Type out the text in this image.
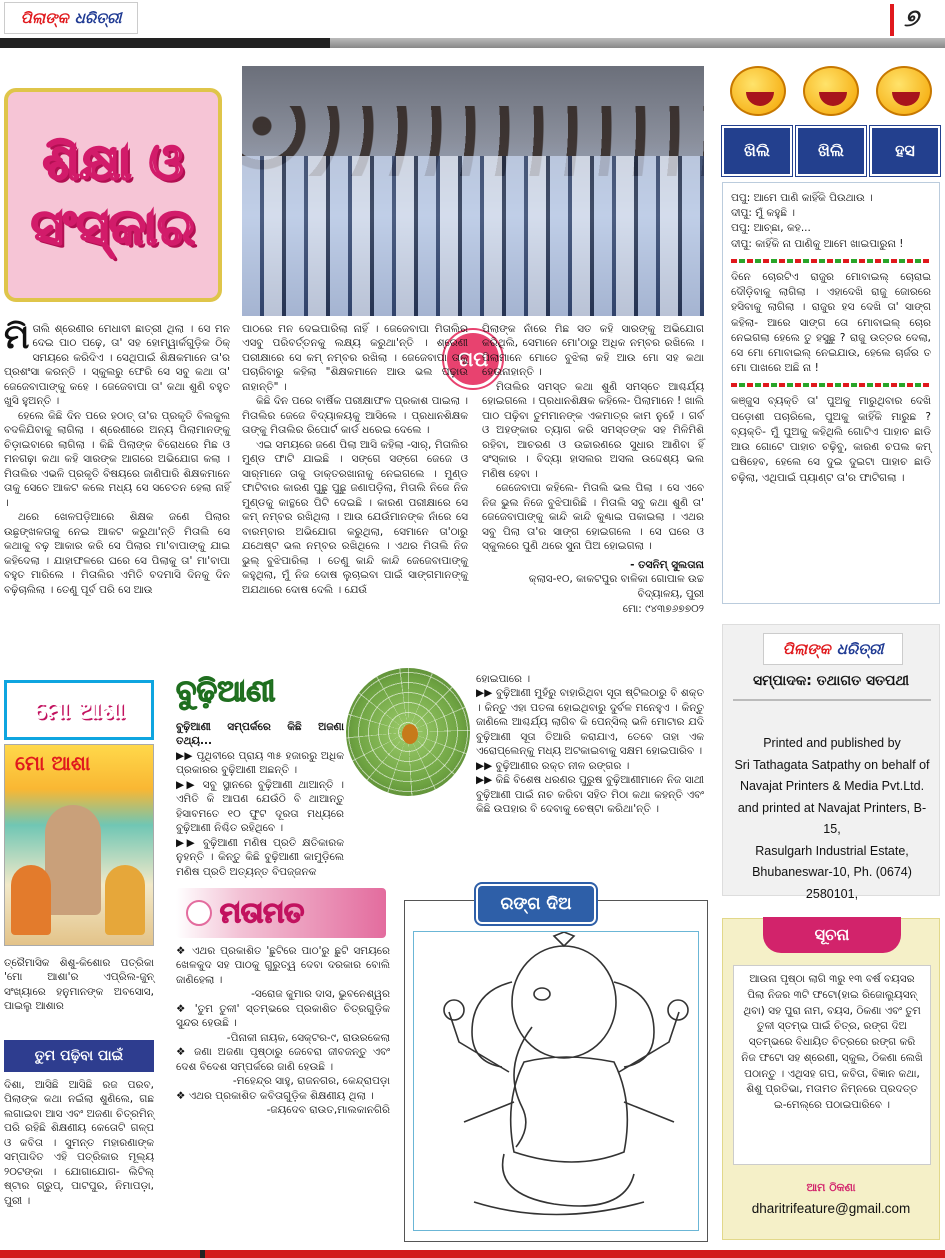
ପିଲାଙ୍କ ଧରିତ୍ରୀ	୭
ଶିକ୍ଷା ଓ ସଂସ୍କାର
ଗପ

ମିତାଲି ଶ୍ରେଣୀର ମେଧାବୀ ଛାତ୍ରୀ ଥିଲା । ସେ ମନ ଦେଇ ପାଠ ପଢ଼େ, ତା' ସହ ହୋମ୍‌ୱାର୍କଗୁଡ଼ିକ ଠିକ୍ ସମୟରେ କରିଦିଏ । ସେଥିପାଇଁ ଶିକ୍ଷକମାନେ ତା'ର ପ୍ରଶଂସା କରନ୍ତି । ସ୍କୁଲରୁ ଫେରି ସେ ସବୁ କଥା ତା' ଜେଜେବାପାଙ୍କୁ କହେ । ଜେଜେବାପା ତା' କଥା ଶୁଣି ବହୁତ ଖୁସି ହୁଅନ୍ତି ।

ହେଲେ କିଛି ଦିନ ପରେ ହଠାତ୍ ତା'ର ପ୍ରକୃତି ବିଲକୁଲ ବଦଳିଯିବାକୁ ଲାଗିଲା । ଶ୍ରେଣୀରେ ଅନ୍ୟ ପିଲାମାନଙ୍କୁ ଚିଡ଼ାଇବାରେ ଲାଗିଲା । କିଛି ପିଲାଙ୍କ ବିରୋଧରେ ମିଛ ଓ ମନଗଢ଼ା କଥା କହି ସାରଙ୍କ ଆଗରେ ଅଭିଯୋଗ କଲା । ମିତାଲିର ଏଭଳି ପ୍ରକୃତି ବିଷୟରେ ଜାଣିପାରି ଶିକ୍ଷକମାନେ ତାକୁ ସେତେ ଆକଟ କଲେ ମଧ୍ୟ ସେ ସଚେତନ ହେଲା ନାହିଁ ।

ଥରେ ଖେଳପଡ଼ିଆରେ ଶିକ୍ଷକ ଜଣେ ପିଲାର ଉଛୃଙ୍ଖଳତାକୁ ନେଇ ଆକଟ କରୁଥା'ନ୍ତି ମିତାଲି ସେ କଥାକୁ ବଢ଼ ଆକାର କରି ସେ ପିଲାର ମା'ବାପାଙ୍କୁ ଯାଇ କହିଦେଲା । ଯାହାଫଳରେ ଘରେ ସେ ପିଲାକୁ ତା' ମା'ବାପା ବହୁତ ମାରିଲେ । ମିତାଲିର ଏମିତି ବଦମାସି ଦିନକୁ ଦିନ ବଢ଼ିଚାଲିଲା । ତେଣୁ ପୂର୍ବ ପରି ସେ ଆଉ

ପାଠରେ ମନ ଦେଇପାରିଲା ନାହିଁ । ଜେଜେବାପା ମିତାଲିର ଏସବୁ ପରିବର୍ତ୍ତନକୁ ଲକ୍ଷ୍ୟ କରୁଥା'ନ୍ତି । ଶ୍ରେଣୀ ପରୀକ୍ଷାରେ ସେ କମ୍ ନମ୍ବର ରଖିଲା । ଜେଜେବାପା ତାକୁ ପଚାରିବାରୁ କହିଲା "ଶିକ୍ଷକମାନେ ଆଉ ଭଲ ପଢ଼ାଉ ନାହାନ୍ତି" ।

କିଛି ଦିନ ପରେ ବାର୍ଷିକ ପରୀକ୍ଷାଫଳ ପ୍ରକାଶ ପାଇଲା । ମିତାଲିର ଜେଜେ ବିଦ୍ୟାଳୟକୁ ଆସିଲେ । ପ୍ରଧାନଶିକ୍ଷକ ତାଙ୍କୁ ମିତାଲିର ରିପୋର୍ଟ କାର୍ଡ ଧରେଇ ଦେଲେ ।

ଏଇ ସମୟରେ ଜଣେ ପିଲା ଆସି କହିଲା -ସାର୍, ମିତାଲିର ମୁଣ୍ଡ ଫାଟି ଯାଇଛି । ସଙ୍ଗେ ସଙ୍ଗେ ଜେଜେ ଓ ସାର୍‌ମାନେ ତାକୁ ଡାକ୍ତରଖାନାକୁ ନେଇଗଲେ । ମୁଣ୍ଡ ଫାଟିବାର କାରଣ ପୁଛୁ ପୁଛୁ ଜଣାପଡ଼ିଲା, ମିତାଲି ନିଜେ ନିଜ ମୁଣ୍ଡକୁ କାନ୍ଥରେ ପିଟି ଦେଇଛି । କାରଣ ପରୀକ୍ଷାରେ ସେ କମ୍ ନମ୍ବର ରଖିଥିଲା । ଆଉ ଯେଉଁମାନଙ୍କ ନାଁରେ ସେ ବାରମ୍ବାର ଅଭିଯୋଗ କରୁଥିଲା, ସେମାନେ ତା'ଠାରୁ ଯଥେଷ୍ଟ ଭଲ ନମ୍ବର ରଖିଥିଲେ । ଏଥର ମିତାଲି ନିଜ ଭୁଲ୍ ବୁଝିପାରିଲା । ତେଣୁ କାନ୍ଦି କାନ୍ଦି ଜେଜେବାପାଙ୍କୁ କହୁଥିଲା, ମୁଁ ନିଜ ଦୋଷ ଲୁଚାଇବା ପାଇଁ ସାଙ୍ଗମାନଙ୍କୁ ଅଯଥାରେ ଦୋଷ ଦେଲି । ଯେଉଁ

ପିଲାଙ୍କ ନାଁରେ ମିଛ ସତ କହି ସାରଙ୍କୁ ଅଭିଯୋଗ କରିଥିଲି, ସେମାନେ ମୋ'ଠାରୁ ଅଧିକ ନମ୍ବର ରଖିଲେ । ପିଲାମାନେ ମୋତେ ବୁଝିଲା କହି ଆଉ ମୋ ସହ କଥା ହେଉନାହାନ୍ତି ।

ମିତାଲିର ସମସ୍ତ କଥା ଶୁଣି ସମସ୍ତେ ଆଶ୍ଚର୍ଯ୍ୟ ହୋଇଗଲେ । ପ୍ରଧାନଶିକ୍ଷକ କହିଲେ- ପିଲାମାନେ ! ଖାଲି ପାଠ ପଢ଼ିବା ତୁମମାନଙ୍କ ଏକମାତ୍ର କାମ ନୁହେଁ । ଗର୍ବ ଓ ଅହଙ୍କାର ତ୍ୟାଗ କରି ସମସ୍ତଙ୍କ ସହ ମିଳିମିଶି ରହିବା, ଆଚରଣ ଓ ଉଚ୍ଚାରଣରେ ସୁଧାର ଆଣିବା ହିଁ ସଂସ୍କାର । ବିଦ୍ୟା ହାସଲର ଅସଲ ଉଦ୍ଦେଶ୍ୟ ଭଲ ମଣିଷ ହେବା ।

ଜେଜେବାପା କହିଲେ- ମିତାଲି ଭଲ ପିଲା । ସେ ଏବେ ନିଜ ଭୁଲ ନିଜେ ବୁଝିପାରିଛି । ମିତାଲି ସବୁ କଥା ଶୁଣି ତା' ଜେଜେବାପାଙ୍କୁ କାନ୍ଦି କାନ୍ଦି କୁଣ୍ଢାଇ ପକାଇଲା । ଏଥର ସବୁ ପିଲା ତା'ର ସାଙ୍ଗ ହୋଇଗଲେ । ସେ ଘରେ ଓ ସ୍କୁଲରେ ପୁଣି ଥରେ ସୁନା ପିଅ ହୋଇଗଲା ।

- ତସନିମ୍ ସୁଲତାନା
କ୍ଲାସ-୧୦, କାକଟପୁର ବାଳିକା ଗୋପାଳ ଉଚ୍ଚ ବିଦ୍ୟାଳୟ, ପୁରୀ
ମୋ: ୯୪୩୭୬୭୭୦୨
ଖିଲି	ଖିଲି	ହସ

ପପୁ: ଆମେ ପାଣି କାହିଁକି ପିଉଥାଉ ।

ଦୀପୁ: ମୁଁ କହୁଛି ।

ପପୁ: ଆଚ୍ଛା, କହ...

ଦୀପୁ: କାହିଁକି ନା ପାଣିକୁ ଆମେ ଖାଇପାରୁନା !

ଦିନେ ଚୋରଟିଏ ରାଜୁର ମୋବାଇଲ୍ ଚୋରାଇ ଦୌଡ଼ିବାକୁ ଲାଗିଲା । ଏହାଦେଖି ରାଜୁ ଜୋରରେ ହସିବାକୁ ଲାଗିଲା । ରାଜୁର ହସ ଦେଖି ତା' ସାଙ୍ଗ କହିଲା- ଆରେ ସାଙ୍ଗ ତୋ ମୋବାଇଲ୍ ଚୋର ନେଇଗଲା ହେଲେ ତୁ ହସୁଛୁ ? ରାଜୁ ଉତ୍ତର ଦେଲା, ସେ ମୋ ମୋବାଇଲ୍ ନେଇଯାଉ, ହେଲେ ଚାର୍ଜର ତ ମୋ ପାଖରେ ଅଛି ନା !

କଞ୍ଜୁସ ବ୍ୟକ୍ତି ତା' ପୁଅକୁ ମାରୁଥିବାର ଦେଖି ପଡ଼ୋଶୀ ପଚାରିଲେ, ପୁଅକୁ କାହିଁକି ମାରୁଛ ? ବ୍ୟକ୍ତି- ମୁଁ ପୁଅକୁ କହିଥିଲି ଗୋଟିଏ ପାହାଚ ଛାଡି ଆଉ ଗୋଟେ ପାହାଚ ଚଢ଼ିବୁ, କାରଣ ଚପଲ କମ୍ ଘଷିହେବ, ହେଲେ ସେ ଦୁଇ ଦୁଇଟା ପାହାଚ ଛାଡି ଚଢ଼ିଲା, ଏଥିପାଇଁ ପ୍ୟାଣ୍ଟ ତା'ର ଫାଟିଗଲା ।

ପିଲାଙ୍କ ଧରିତ୍ରୀ
ସମ୍ପାଦକ: ତଥାଗତ ସତପଥୀ
Printed and published by
Sri Tathagata Satpathy on behalf of
Navajat Printers & Media Pvt.Ltd.
and printed at Navajat Printers, B-15,
Rasulgarh Industrial Estate,
Bhubaneswar-10, Ph. (0674) 2580101,
ସୂଚନା
ଆଉନା ପୃଷ୍ଠା ଲାଗି ୩ରୁ ୧୩ ବର୍ଷ ବୟସର ପିଲା ନିଜର ୩ଟି ଫଟୋ(ହାଇ ରିଜୋଲ୍ୟୁସନ୍ ଥିବା) ସହ ପୁରା ନାମ, ବୟସ, ଠିକଣା ଏବଂ ତୁମ ତୁଳୀ ସ୍ତମ୍ଭ ପାଇଁ ଚିତ୍ର, ରଙ୍ଗ ଦିଅ ସ୍ତମ୍ଭରେ ବିଧାୟିତ ଚିତ୍ରରେ ରଙ୍ଗ କରି ନିଜ ଫଟୋ ସହ ଶ୍ରେଣୀ, ସ୍କୁଲ, ଠିକଣା ଲେଖି ପଠାନ୍ତୁ । ଏଥିସହ ଗପ, କବିତା, ବିଜ୍ଞାନ କଥା, ଶିଶୁ ପ୍ରତିଭା, ମତାମତ ନିମ୍ନରେ ପ୍ରଦତ୍ତ ଇ-ମେଲ୍‌ରେ ପଠାଇପାରିବେ ।
ଆମ ଠିକଣା
dharitrifeature@gmail.com
ମୋ ଆଶା
ମୋ ଆଶା

ତ୍ରୈମାସିକ ଶିଶୁ-କିଶୋର ପତ୍ରିକା 'ମୋ ଆଶା'ର ଏପ୍ରିଲ-ଜୁନ୍ ସଂଖ୍ୟାରେ ହନୁମାନଙ୍କ ଅବସୋସ, ପାଇଲୁ ଆଶାର

ତୁମ ପଢ଼ିବା ପାଇଁ

ଦିଶା, ଆସିଛି ଆସିଛି ରଜ ପରବ, ପିଲାଙ୍କ କଥା ନଇଁଲା ଶୁଣିଲେ, ଗଛ ଲଗାଇବା ଆସ ଏବଂ ଅଜଣା ଚିତ୍ରମିନ୍ ପରି ରହିଛି ଶିକ୍ଷଣୀୟ କେତୋଟି ଗଳ୍ପ ଓ କବିତା । ସୁମନ୍ତ ମହାରଣାଙ୍କ ସମ୍ପାଦିତ ଏହି ପତ୍ରିକାର ମୂଲ୍ୟ ୨୦ଟଙ୍କା । ଯୋଗାଯୋଗ- ଲିଟିଲ୍ ଷ୍ଟାର ଗ୍ରୁପ୍, ପାଟପୁର, ନିମାପଡ଼ା, ପୁରୀ ।

ବୁଢ଼ିଆଣୀ

ବୁଢ଼ିଆଣୀ ସମ୍ପର୍କରେ କିଛି ଅଜଣା ତଥ୍ୟ...

▶▶ ପୃଥିବୀରେ ପ୍ରାୟ ୩୫ ହଜାରରୁ ଅଧିକ ପ୍ରକାରର ବୁଢ଼ିଆଣୀ ଅଛନ୍ତି ।

▶▶ ସବୁ ସ୍ଥାନରେ ବୁଢ଼ିଆଣୀ ଥାଆନ୍ତି । ଏମିତି କି ଆପଣ ଯେଉଁଠି ବି ଥାଆନ୍ତୁ ହିସାବମତେ ୧୦ ଫୁଟ ଦୂରତା ମଧ୍ୟରେ ବୁଢ଼ିଆଣୀ ନିଶ୍ଚିତ ରହିଥିବେ ।

▶▶ ବୁଢ଼ିଆଣୀ ମଣିଷ ପ୍ରତି କ୍ଷତିକାରକ ନୁହନ୍ତି । କିନ୍ତୁ କିଛି ବୁଢ଼ିଆଣୀ କାମୁଡ଼ିଲେ ମଣିଷ ପ୍ରତି ଅତ୍ୟନ୍ତ ବିପଜ୍ଜନକ

ହୋଇପାରେ ।

▶▶ ବୁଢ଼ିଆଣୀ ମୁହଁରୁ ବାହାରିଥିବା ସୂତା ଷ୍ଟିଲଠାରୁ ବି ଶକ୍ତ । କିନ୍ତୁ ଏହା ପତଳା ହୋଇଥିବାରୁ ଦୁର୍ବଳ ମନେହୁଏ । କିନ୍ତୁ ଜାଣିଲେ ଆଶ୍ଚର୍ଯ୍ୟ ଲାଗିବ କି ପେନ୍‌ସିଲ୍ ଭଳି ମୋଟାର ଯଦି ବୁଢ଼ିଆଣୀ ସୂତା ତିଆରି କରାଯାଏ, ତେବେ ତାହା ଏକ ଏରୋପ୍ଲେନ୍‌କୁ ମଧ୍ୟ ଅଟକାଇବାକୁ ସକ୍ଷମ ହୋଇପାରିବ ।

▶▶ ବୁଢ଼ିଆଣୀର ରକ୍ତ ନୀଳ ରଙ୍ଗର ।

▶▶ କିଛି ବିଶେଷ ଧରଣର ପୁରୁଷ ବୁଢ଼ିଆଣୀମାନେ ନିଜ ସାଥୀ ବୁଢ଼ିଆଣୀ ପାଇଁ ନାଚ କରିବା ସହିତ ମିଠା କଥା କହନ୍ତି ଏବଂ କିଛି ଉପହାର ବି ଦେବାକୁ ଚେଷ୍ଟା କରିଥା'ନ୍ତି ।

ମତାମତ

❖ ଏଥର ପ୍ରକାଶିତ 'ଛୁଟିରେ ପାଠ'ରୁ ଛୁଟି ସମୟରେ ଖେଳକୁଦ ସହ ପାଠକୁ ଗୁରୁତ୍ୱ ଦେବା ଦରକାର ବୋଲି ଜାଣିହେଲା ।

-ସରୋଜ କୁମାର ଦାସ, ଭୁବନେଶ୍ୱର

❖ 'ତୁମ ତୁଳୀ' ସ୍ତମ୍ଭରେ ପ୍ରକାଶିତ ଚିତ୍ରଗୁଡ଼ିକ ସୁନ୍ଦର ହେଉଛି ।

-ପିନାକୀ ନାୟକ, ସେକ୍ଟର-୯, ରାଉରକେଲା

❖ ଜଣା ଅଜଣା ପୃଷ୍ଠାରୁ ଜେବେରା ଜୀବଜନ୍ତୁ ଏବଂ ଦେଶ ବିଦେଶ ସମ୍ପର୍କରେ ଜାଣି ହେଉଛି ।

-ମହେନ୍ଦ୍ର ସାହୁ, ରାଜନଗର, କେନ୍ଦ୍ରାପଡ଼ା

❖ ଏଥର ପ୍ରକାଶିତ କବିତାଗୁଡ଼ିକ ଶିକ୍ଷଣୀୟ ଥିଲା ।

-ଜୟଦେବ ରାଉତ,ମାଲକାନଗିରି

ରଙ୍ଗ ଦିଅ
